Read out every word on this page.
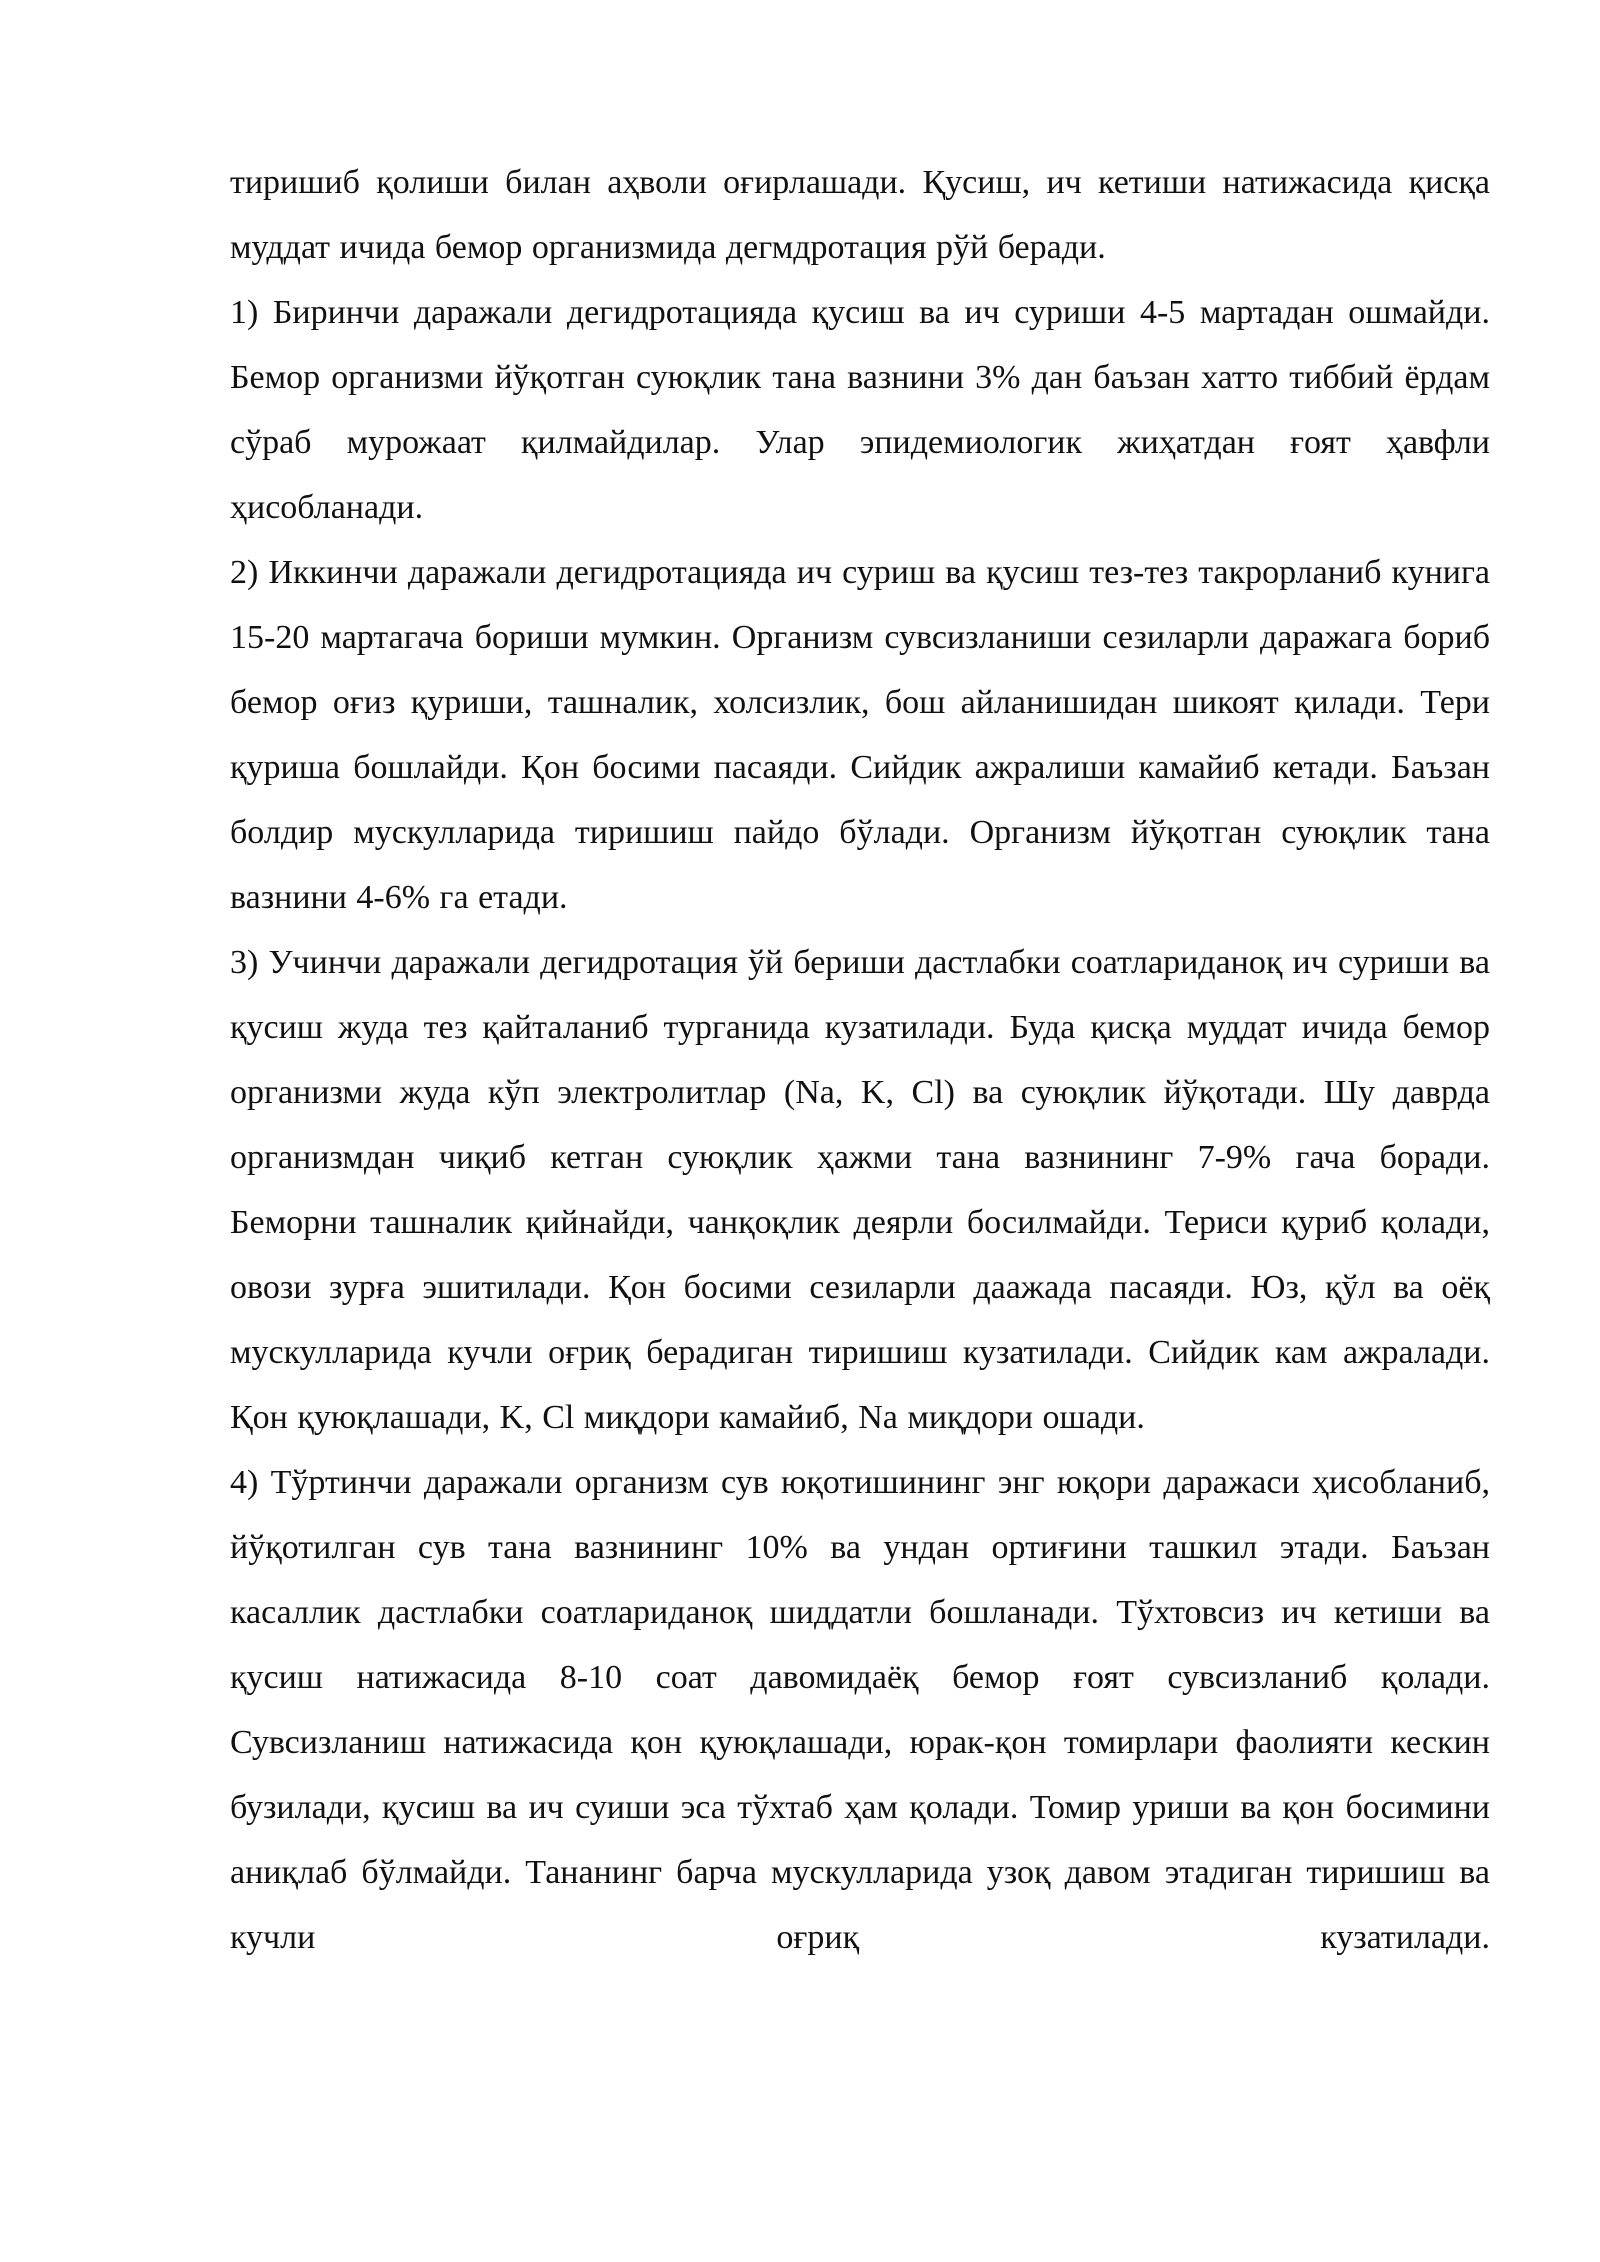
тиришиб қолиши билан аҳволи оғирлашади. Қусиш, ич кетиши натижасида қисқа муддат ичида бемор организмида дегмдротация рўй беради.

1) Биринчи даражали дегидротацияда қусиш ва ич суриши 4-5 мартадан ошмайди. Бемор организми йўқотган суюқлик тана вазнини 3% дан баъзан хатто тиббий ёрдам сўраб мурожаат қилмайдилар. Улар эпидемиологик жиҳатдан ғоят ҳавфли ҳисобланади.

2) Иккинчи даражали дегидротацияда ич суриш ва қусиш тез-тез такрорланиб кунига 15-20 мартагача бориши мумкин. Организм сувсизланиши сезиларли даражага бориб бемор оғиз қуриши, ташналик, холсизлик, бош айланишидан шикоят қилади. Тери қуриша бошлайди. Қон босими пасаяди. Сийдик ажралиши камайиб кетади. Баъзан болдир мускулларида тиришиш пайдо бўлади. Организм йўқотган суюқлик тана вазнини 4-6% га етади.

3) Учинчи даражали дегидротация ўй бериши дастлабки соатлариданоқ ич суриши ва қусиш жуда тез қайталаниб турганида кузатилади. Буда қисқа муддат ичида бемор организми жуда кўп электролитлар (Na, K, Cl) ва суюқлик йўқотади. Шу даврда организмдан чиқиб кетган суюқлик ҳажми тана вазнининг 7-9% гача боради. Беморни ташналик қийнайди, чанқоқлик деярли босилмайди. Териси қуриб қолади, овози зурға эшитилади. Қон босими сезиларли даажада пасаяди. Юз, қўл ва оёқ мускулларида кучли оғриқ берадиган тиришиш кузатилади. Сийдик кам ажралади. Қон қуюқлашади, K, Cl миқдори камайиб, Na миқдори ошади.

4) Тўртинчи даражали организм сув юқотишининг энг юқори даражаси ҳисобланиб, йўқотилган сув тана вазнининг 10% ва ундан ортиғини ташкил этади. Баъзан касаллик дастлабки соатлариданоқ шиддатли бошланади. Тўхтовсиз ич кетиши ва қусиш натижасида 8-10 соат давомидаёқ бемор ғоят сувсизланиб қолади. Сувсизланиш натижасида қон қуюқлашади, юрак-қон томирлари фаолияти кескин бузилади, қусиш ва ич суиши эса тўхтаб ҳам қолади. Томир уриши ва қон босимини аниқлаб бўлмайди. Тананинг барча мускулларида узоқ давом этадиган тиришиш ва кучли оғриқ кузатилади.
